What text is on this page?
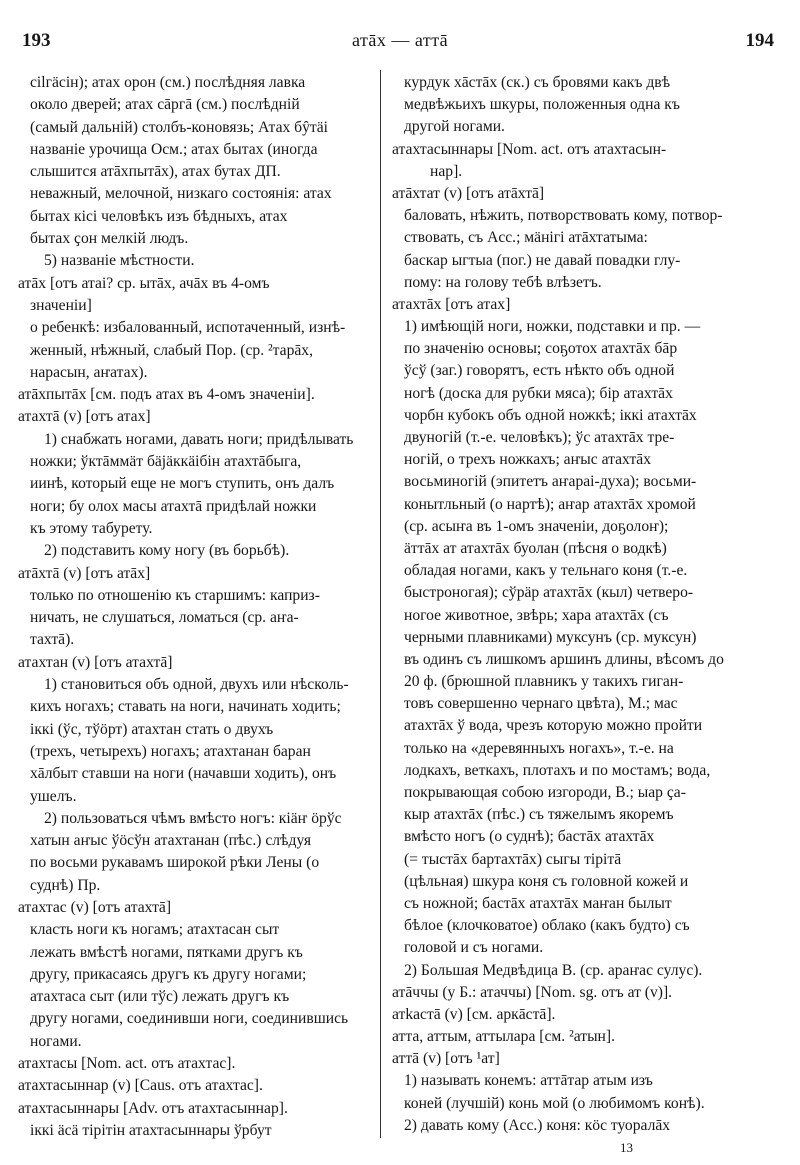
193	атāх — аттā	194
cilгäciн); атах орон (см.) послѣдняя лавка
около дверей; атах сāргā (см.) послѣдній
(самый дальній) столбъ-коновязь; Атах бŷтäi
названіе урочища Осм.; атах бытах (иногда
слышится атāхпытāх), атах бутах ДП.
неважный, мелочной, низкаго состоянія: атах
бытах кісі человѣкъ изъ бѣдныхъ, атах
бытах ҫон мелкій людъ.
5) названіе мѣстности.
атāх [отъ атаі? ср. ытāх, ачāх въ 4-омъ
значеніи]
о ребенкѣ: избалованный, испотаченный, изнѣ-
женный, нѣжный, слабый Пор. (ср. ²тарāх,
нарасын, аҥатах).
атāхпытāх [см. подъ атах въ 4-омъ значеніи].
атахтā (v) [отъ атах]
1) снабжать ногами, давать ноги; придѣлывать
ножки; ўктāммäт бäjäккäiбiн атахтāбыга,
иинѣ, который еще не могъ ступить, онъ далъ
ноги; бу олох масы атахтā придѣлай ножки
къ этому табурету.
2) подставить кому ногу (въ борьбѣ).
атāхтā (v) [отъ атāх]
только по отношенію къ старшимъ: каприз-
ничать, не слушаться, ломаться (ср. аҥа-
тахтā).
атахтан (v) [отъ атахтā]
1) становиться объ одной, двухъ или нѣсколь-
кихъ ногахъ; ставать на ноги, начинать ходить;
іккі (ўс, тўöрт) атахтан стать о двухъ
(трехъ, четырехъ) ногахъ; атахтанан баран
хāлбыт ставши на ноги (начавши ходить), онъ
ушелъ.
2) пользоваться чѣмъ вмѣсто ногъ: кiäҥ öрўс
хатын аҥыс ўöсўн атахтанан (пѣс.) слѣдуя
по восьми рукавамъ широкой рѣки Лены (о
суднѣ) Пр.
атахтас (v) [отъ атахтā]
класть ноги къ ногамъ; атахтасан сыт
лежать вмѣстѣ ногами, пятками другъ къ
другу, прикасаясь другъ къ другу ногами;
атахтаса сыт (или тўс) лежать другъ къ
другу ногами, соединивши ноги, соединившись
ногами.
атахтасы [Nom. act. отъ атахтас].
атахтасыннар (v) [Caus. отъ атахтас].
атахтасыннары [Adv. отъ атахтасыннар].
іккі äсä тірітін атахтасыннары ўрбут
курдук хāстāх (ск.) съ бровями какъ двѣ
медвѣжьихъ шкуры, положенныя одна къ
другой ногами.
атахтасыннары [Nom. act. отъ атахтасын-
нар].
атāхтат (v) [отъ атāхтā]
баловать, нѣжить, потворствовать кому, потвор-
ствовать, съ Acc.; мäнігі атāхтатыма:
баскар ыгтыа (пог.) не давай повадки глу-
пому: на голову тебѣ влѣзетъ.
атахтāх [отъ атах]
1) имѣющій ноги, ножки, подставки и пр. —
по значенію основы; соҕотох атахтāх бāр
ўсў (заг.) говорятъ, есть нѣкто объ одной
ногѣ (доска для рубки мяса); бір атахтāх
чорбн кубокъ объ одной ножкѣ; іккі атахтāх
двуногій (т.-е. человѣкъ); ўс атахтāх тре-
ногій, о трехъ ножкахъ; аҥыс атахтāх
восьминогій (эпитетъ аҥараі-духа); восьми-
конытльный (о нартѣ); аҥар атахтāх хромой
(ср. асыҥа въ 1-омъ значеніи, доҕолоҥ);
äттāх ат атахтāх буолан (пѣсня о водкѣ)
обладая ногами, какъ у тельнаго коня (т.-е.
быстроногая); сўрäр атахтāх (кыл) четверо-
ногое животное, звѣрь; хара атахтāх (съ
черными плавниками) муксунъ (ср. муксун)
въ одинъ съ лишкомъ аршинъ длины, вѣсомъ до
20 ф. (брюшной плавникъ у такихъ гиган-
товъ совершенно чернаго цвѣта), М.; мас
атахтāх ў вода, чрезъ которую можно пройти
только на «деревянныхъ ногахъ», т.-е. на
лодкахъ, веткахъ, плотахъ и по мостамъ; вода,
покрывающая собою изгороди, В.; ыар ҫа-
кыр атахтāх (пѣс.) съ тяжелымъ якоремъ
вмѣсто ногъ (о суднѣ); бастāх атахтāх
(= тыстāх бартахтāх) сыгы тірітā
(цѣльная) шкура коня съ головной кожей и
съ ножной; бастāх атахтāх маҥан былыт
бѣлое (клочковатое) облако (какъ будто) съ
головой и съ ногами.
2) Большая Медвѣдица В. (ср. араҥас сулус).
атāччы (у Б.: атаччы) [Nom. sg. отъ ат (v)].
атkастā (v) [см. аркāстā].
атта, аттым, аттылара [см. ²атын].
аттā (v) [отъ ¹ат]
1) называть конемъ: аттāтар атым изъ
коней (лучшій) конь мой (о любимомъ конѣ).
2) давать кому (Acc.) коня: кöс туоралāх
13
